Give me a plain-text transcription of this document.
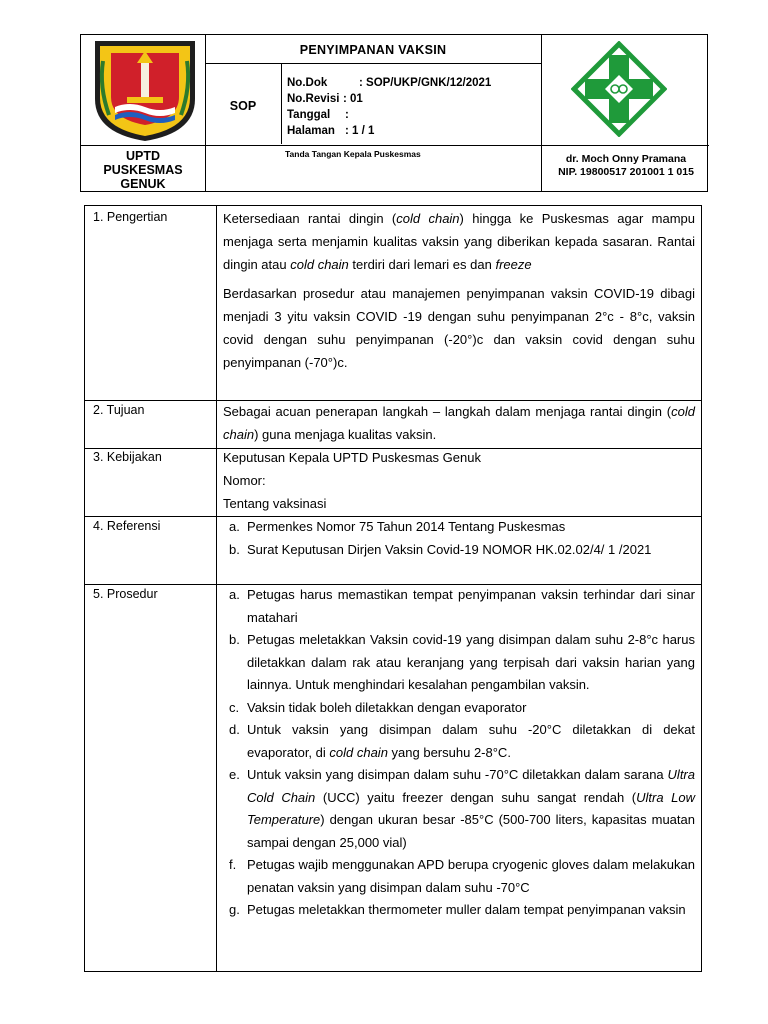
PENYIMPANAN VAKSIN
SOP
No.Dok	: SOP/UKP/GNK/12/2021
No.Revisi : 01
Tanggal :
Halaman : 1 / 1
UPTD
PUSKESMAS
GENUK
Tanda Tangan Kepala Puskesmas	dr. Moch Onny Pramana
NIP. 19800517 201001 1 015
1. Pengertian	Ketersediaan rantai dingin (cold chain) hingga ke Puskesmas agar mampu menjaga serta menjamin kualitas vaksin yang diberikan kepada sasaran. Rantai dingin atau cold chain terdiri dari lemari es dan freeze

Berdasarkan prosedur atau manajemen penyimpanan vaksin COVID-19 dibagi menjadi 3 yitu vaksin COVID -19 dengan suhu penyimpanan 2°c - 8°c, vaksin covid dengan suhu penyimpanan (-20°)c dan vaksin covid dengan suhu penyimpanan (-70°)c.

2. Tujuan	Sebagai acuan penerapan langkah – langkah dalam menjaga rantai dingin (cold chain) guna menjaga kualitas vaksin.

3. Kebijakan	Keputusan Kepala UPTD Puskesmas Genuk
Nomor:
Tentang vaksinasi
4. Referensi	a. Permenkes Nomor 75 Tahun 2014 Tentang Puskesmas
b. Surat Keputusan Dirjen Vaksin Covid-19 NOMOR HK.02.02/4/ 1 /2021
5. Prosedur	a. Petugas harus memastikan tempat penyimpanan vaksin terhindar dari sinar matahari
b. Petugas meletakkan Vaksin covid-19 yang disimpan dalam suhu 2-8°c harus diletakkan dalam rak atau keranjang yang terpisah dari vaksin harian yang lainnya. Untuk menghindari kesalahan pengambilan vaksin.
c. Vaksin tidak boleh diletakkan dengan evaporator
d. Untuk vaksin yang disimpan dalam suhu -20°C diletakkan di dekat evaporator, di cold chain yang bersuhu 2-8°C.
e. Untuk vaksin yang disimpan dalam suhu -70°C diletakkan dalam sarana Ultra Cold Chain (UCC) yaitu freezer dengan suhu sangat rendah (Ultra Low Temperature) dengan ukuran besar -85°C (500-700 liters, kapasitas muatan sampai dengan 25,000 vial)
f. Petugas wajib menggunakan APD berupa cryogenic gloves dalam melakukan penatan vaksin yang disimpan dalam suhu -70°C
g. Petugas meletakkan thermometer muller dalam tempat penyimpanan vaksin
